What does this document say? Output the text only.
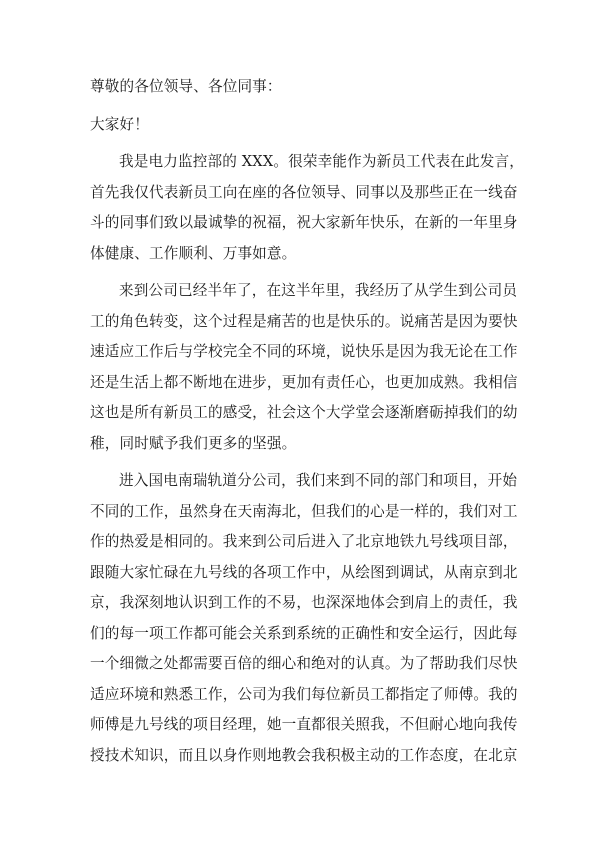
尊敬的各位领导、各位同事：
大家好！
我是电力监控部的 XXX。很荣幸能作为新员工代表在此发言，
首先我仅代表新员工向在座的各位领导、同事以及那些正在一线奋
斗的同事们致以最诚挚的祝福，祝大家新年快乐，在新的一年里身
体健康、工作顺利、万事如意。
来到公司已经半年了，在这半年里，我经历了从学生到公司员
工的角色转变，这个过程是痛苦的也是快乐的。说痛苦是因为要快
速适应工作后与学校完全不同的环境，说快乐是因为我无论在工作
还是生活上都不断地在进步，更加有责任心，也更加成熟。我相信
这也是所有新员工的感受，社会这个大学堂会逐渐磨砺掉我们的幼
稚，同时赋予我们更多的坚强。
进入国电南瑞轨道分公司，我们来到不同的部门和项目，开始
不同的工作，虽然身在天南海北，但我们的心是一样的，我们对工
作的热爱是相同的。我来到公司后进入了北京地铁九号线项目部，
跟随大家忙碌在九号线的各项工作中，从绘图到调试，从南京到北
京，我深刻地认识到工作的不易，也深深地体会到肩上的责任，我
们的每一项工作都可能会关系到系统的正确性和安全运行，因此每
一个细微之处都需要百倍的细心和绝对的认真。为了帮助我们尽快
适应环境和熟悉工作，公司为我们每位新员工都指定了师傅。我的
师傅是九号线的项目经理，她一直都很关照我，不但耐心地向我传
授技术知识，而且以身作则地教会我积极主动的工作态度，在北京
